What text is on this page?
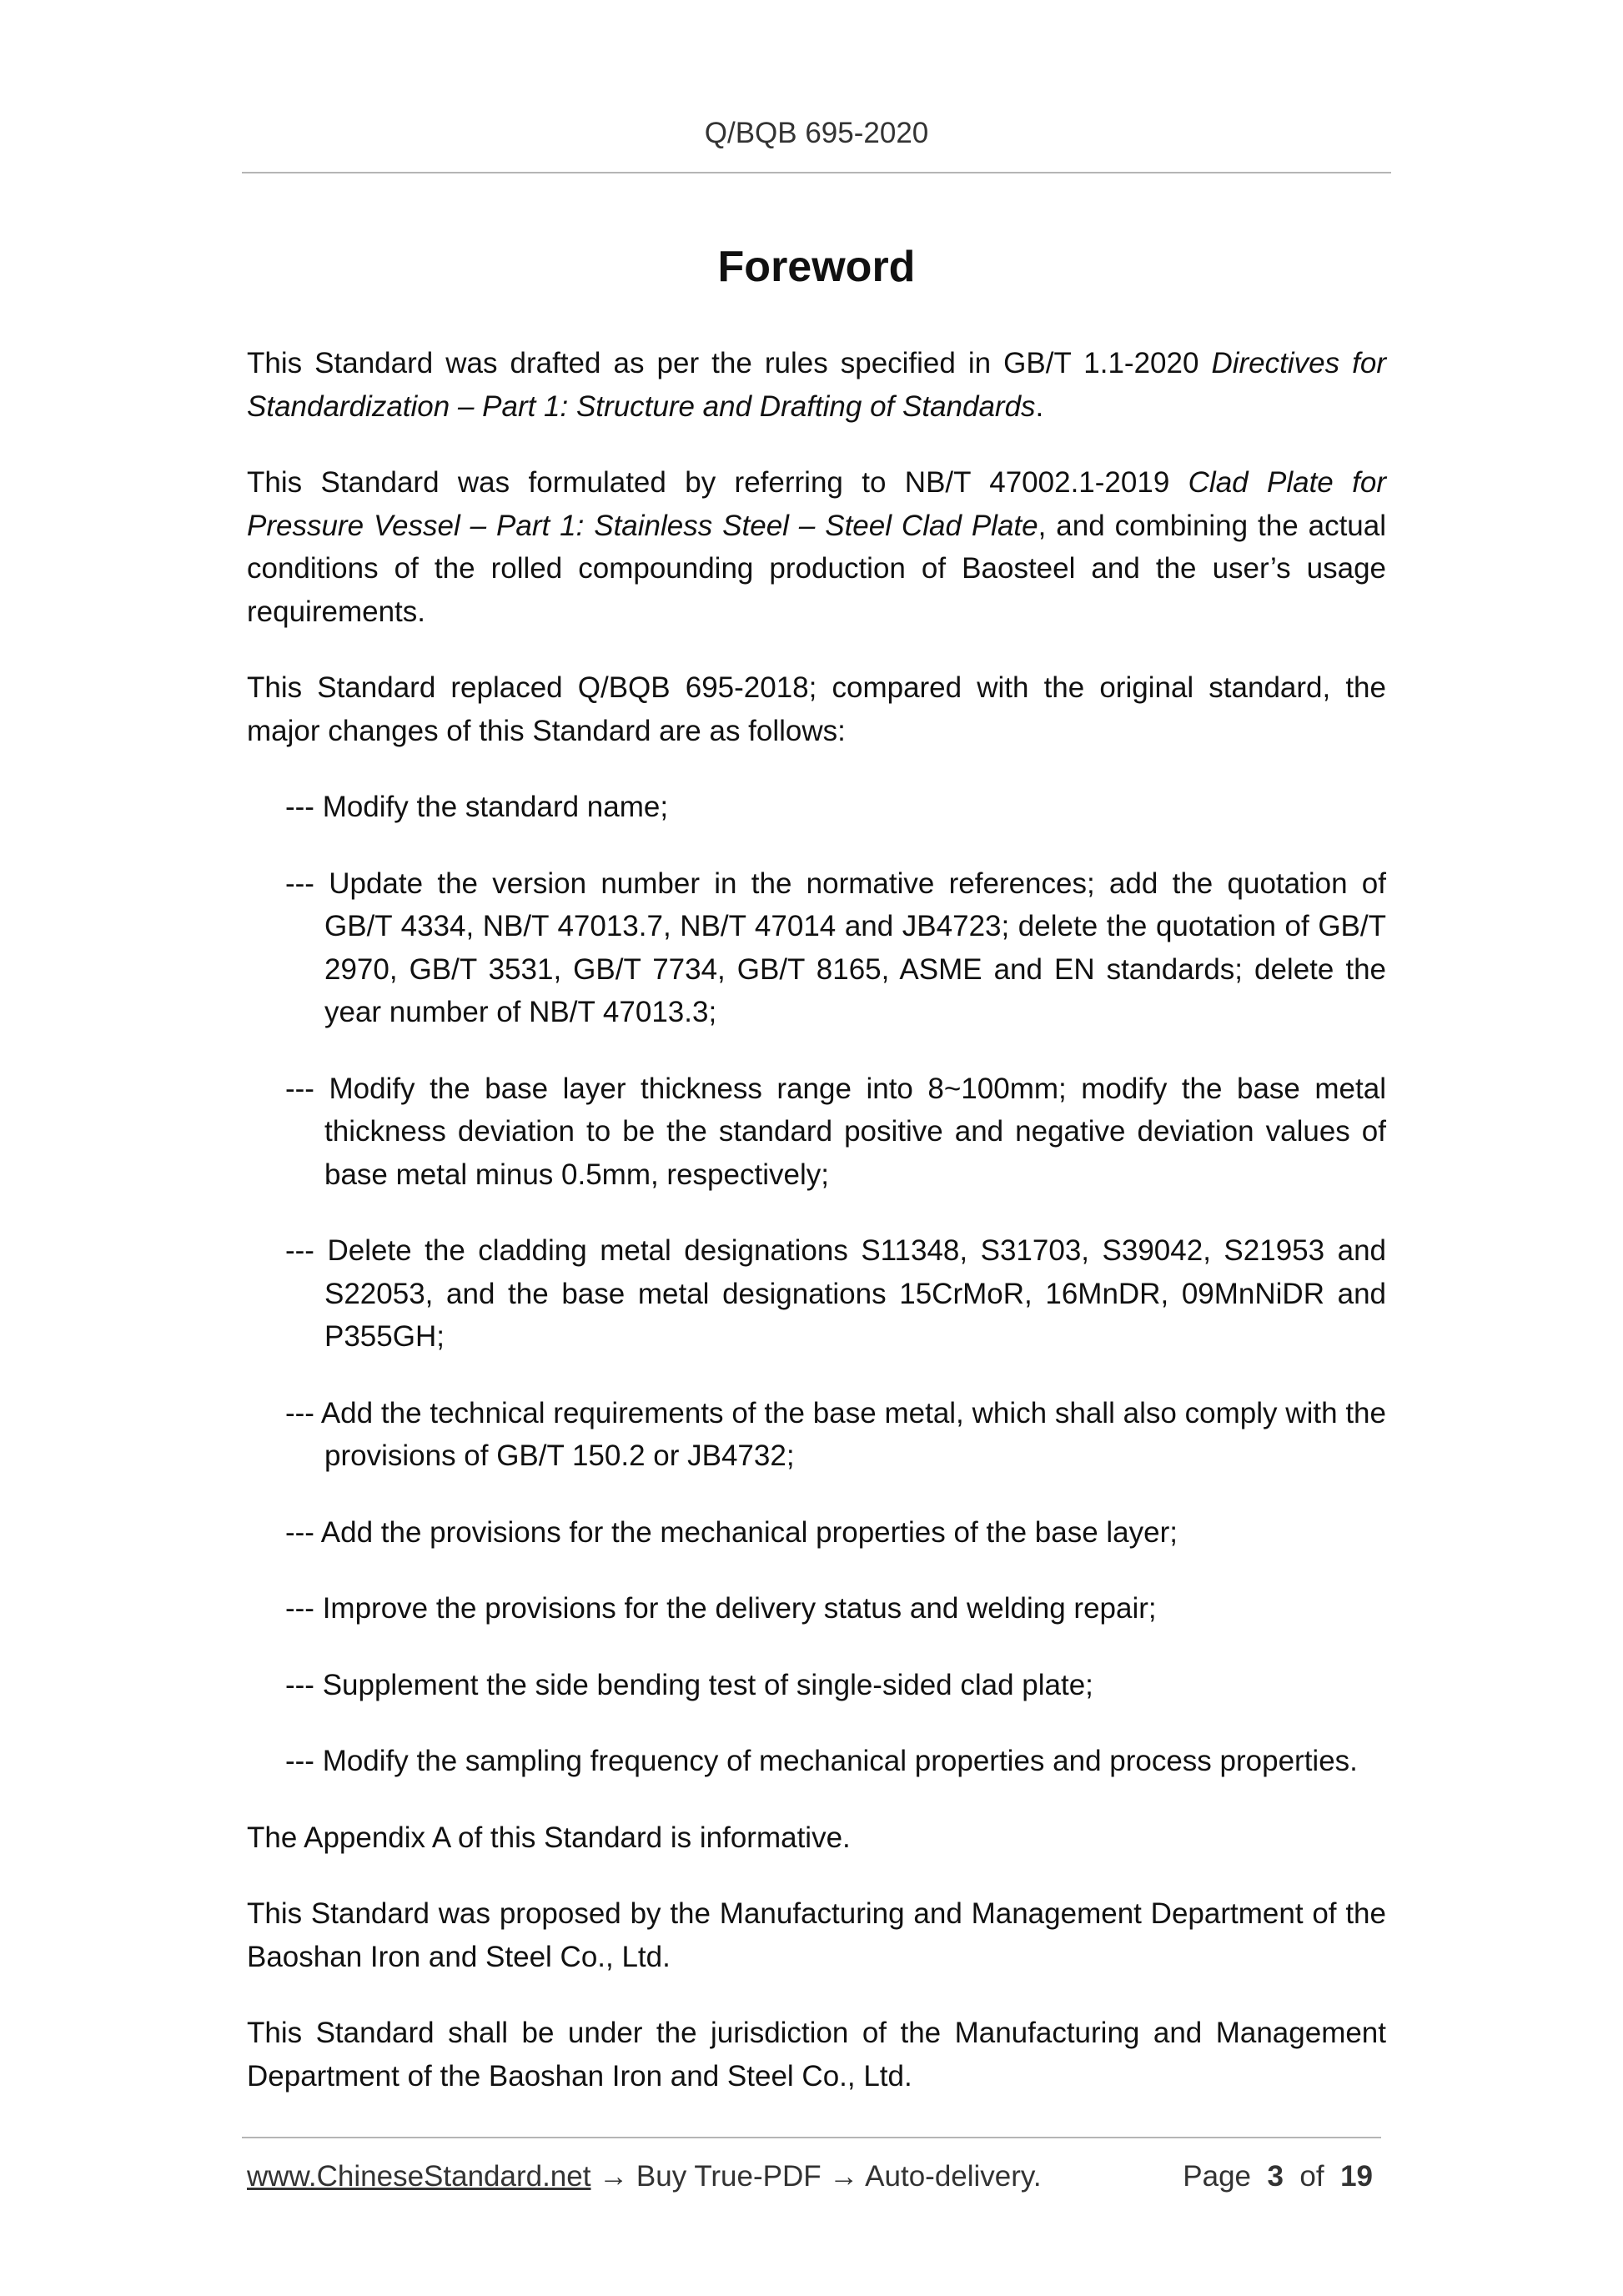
Q/BQB 695-2020
Foreword

This Standard was drafted as per the rules specified in GB/T 1.1-2020 Directives for Standardization – Part 1: Structure and Drafting of Standards.

This Standard was formulated by referring to NB/T 47002.1-2019 Clad Plate for Pressure Vessel – Part 1: Stainless Steel – Steel Clad Plate, and combining the actual conditions of the rolled compounding production of Baosteel and the user’s usage requirements.

This Standard replaced Q/BQB 695-2018; compared with the original standard, the major changes of this Standard are as follows:

--- Modify the standard name;
--- Update the version number in the normative references; add the quotation of GB/T 4334, NB/T 47013.7, NB/T 47014 and JB4723; delete the quotation of GB/T 2970, GB/T 3531, GB/T 7734, GB/T 8165, ASME and EN standards; delete the year number of NB/T 47013.3;
--- Modify the base layer thickness range into 8~100mm; modify the base metal thickness deviation to be the standard positive and negative deviation values of base metal minus 0.5mm, respectively;
--- Delete the cladding metal designations S11348, S31703, S39042, S21953 and S22053, and the base metal designations 15CrMoR, 16MnDR, 09MnNiDR and P355GH;
--- Add the technical requirements of the base metal, which shall also comply with the provisions of GB/T 150.2 or JB4732;
--- Add the provisions for the mechanical properties of the base layer;
--- Improve the provisions for the delivery status and welding repair;
--- Supplement the side bending test of single-sided clad plate;
--- Modify the sampling frequency of mechanical properties and process properties.

The Appendix A of this Standard is informative.

This Standard was proposed by the Manufacturing and Management Department of the Baoshan Iron and Steel Co., Ltd.

This Standard shall be under the jurisdiction of the Manufacturing and Management Department of the Baoshan Iron and Steel Co., Ltd.

www.ChineseStandard.net → Buy True-PDF → Auto-delivery.	Page 3 of 19
